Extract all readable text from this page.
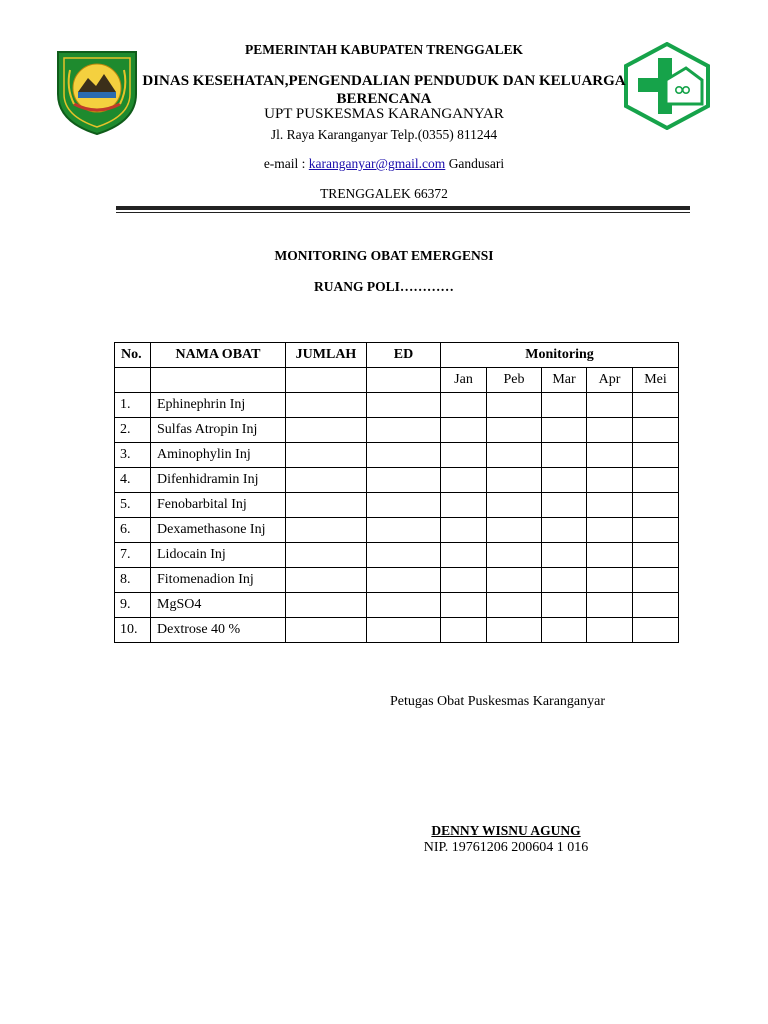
PEMERINTAH KABUPATEN TRENGGALEK
DINAS KESEHATAN,PENGENDALIAN PENDUDUK DAN KELUARGA BERENCANA
UPT PUSKESMAS KARANGANYAR
Jl. Raya Karanganyar Telp.(0355) 811244
e-mail : karanganyar@gmail.com Gandusari
TRENGGALEK 66372
MONITORING OBAT EMERGENSI
RUANG POLI…………
No.	NAMA OBAT	JUMLAH	ED	Monitoring				
				Jan	Peb	Mar	Apr	Mei
1.	Ephinephrin Inj							
2.	Sulfas Atropin Inj							
3.	Aminophylin Inj							
4.	Difenhidramin Inj							
5.	Fenobarbital Inj							
6.	Dexamethasone Inj							
7.	Lidocain Inj							
8.	Fitomenadion Inj							
9.	MgSO4							
10.	Dextrose 40 %							
Petugas Obat Puskesmas Karanganyar
DENNY WISNU AGUNG
NIP. 19761206 200604 1 016
